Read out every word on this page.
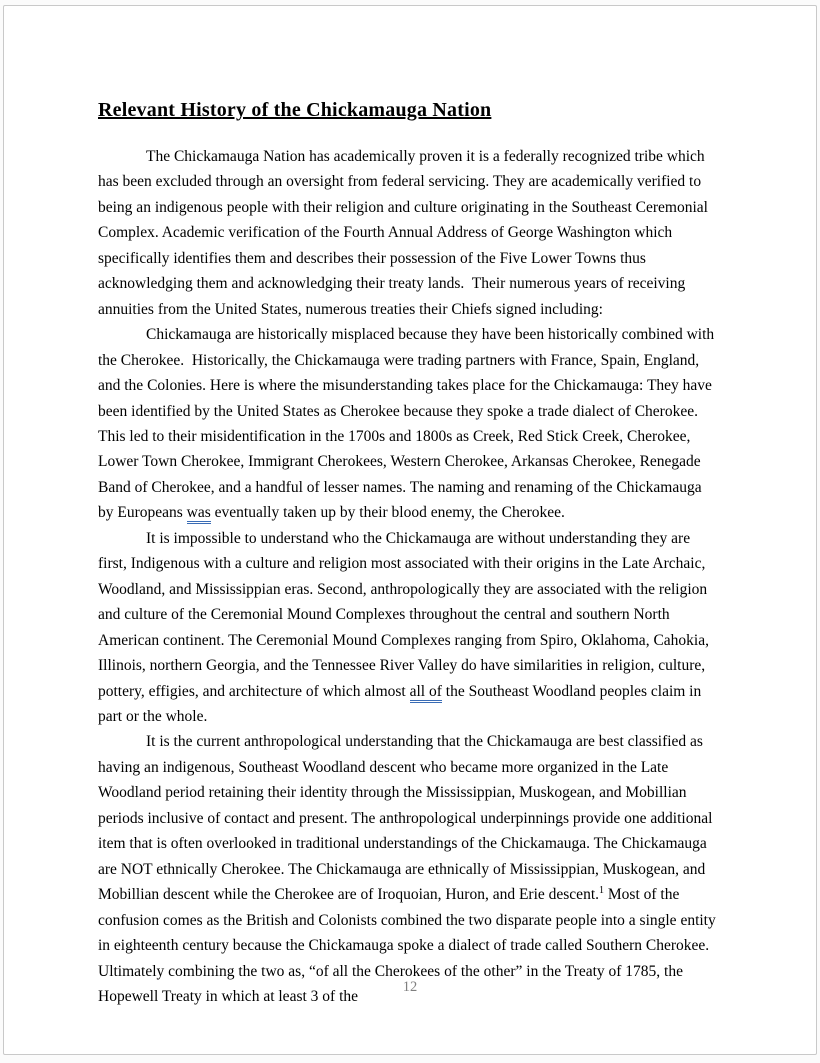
Relevant History of the Chickamauga Nation

The Chickamauga Nation has academically proven it is a federally recognized tribe which has been excluded through an oversight from federal servicing. They are academically verified to being an indigenous people with their religion and culture originating in the Southeast Ceremonial Complex. Academic verification of the Fourth Annual Address of George Washington which specifically identifies them and describes their possession of the Five Lower Towns thus acknowledging them and acknowledging their treaty lands.  Their numerous years of receiving annuities from the United States, numerous treaties their Chiefs signed including:

Chickamauga are historically misplaced because they have been historically combined with the Cherokee.  Historically, the Chickamauga were trading partners with France, Spain, England, and the Colonies. Here is where the misunderstanding takes place for the Chickamauga: They have been identified by the United States as Cherokee because they spoke a trade dialect of Cherokee.  This led to their misidentification in the 1700s and 1800s as Creek, Red Stick Creek, Cherokee, Lower Town Cherokee, Immigrant Cherokees, Western Cherokee, Arkansas Cherokee, Renegade Band of Cherokee, and a handful of lesser names. The naming and renaming of the Chickamauga by Europeans was eventually taken up by their blood enemy, the Cherokee.

It is impossible to understand who the Chickamauga are without understanding they are first, Indigenous with a culture and religion most associated with their origins in the Late Archaic, Woodland, and Mississippian eras. Second, anthropologically they are associated with the religion and culture of the Ceremonial Mound Complexes throughout the central and southern North American continent. The Ceremonial Mound Complexes ranging from Spiro, Oklahoma, Cahokia, Illinois, northern Georgia, and the Tennessee River Valley do have similarities in religion, culture, pottery, effigies, and architecture of which almost all of the Southeast Woodland peoples claim in part or the whole.

It is the current anthropological understanding that the Chickamauga are best classified as having an indigenous, Southeast Woodland descent who became more organized in the Late Woodland period retaining their identity through the Mississippian, Muskogean, and Mobillian periods inclusive of contact and present. The anthropological underpinnings provide one additional item that is often overlooked in traditional understandings of the Chickamauga. The Chickamauga are NOT ethnically Cherokee. The Chickamauga are ethnically of Mississippian, Muskogean, and Mobillian descent while the Cherokee are of Iroquoian, Huron, and Erie descent.$^1$ Most of the confusion comes as the British and Colonists combined the two disparate people into a single entity in eighteenth century because the Chickamauga spoke a dialect of trade called Southern Cherokee. Ultimately combining the two as, “of all the Cherokees of the other” in the Treaty of 1785, the Hopewell Treaty in which at least 3 of the

12
